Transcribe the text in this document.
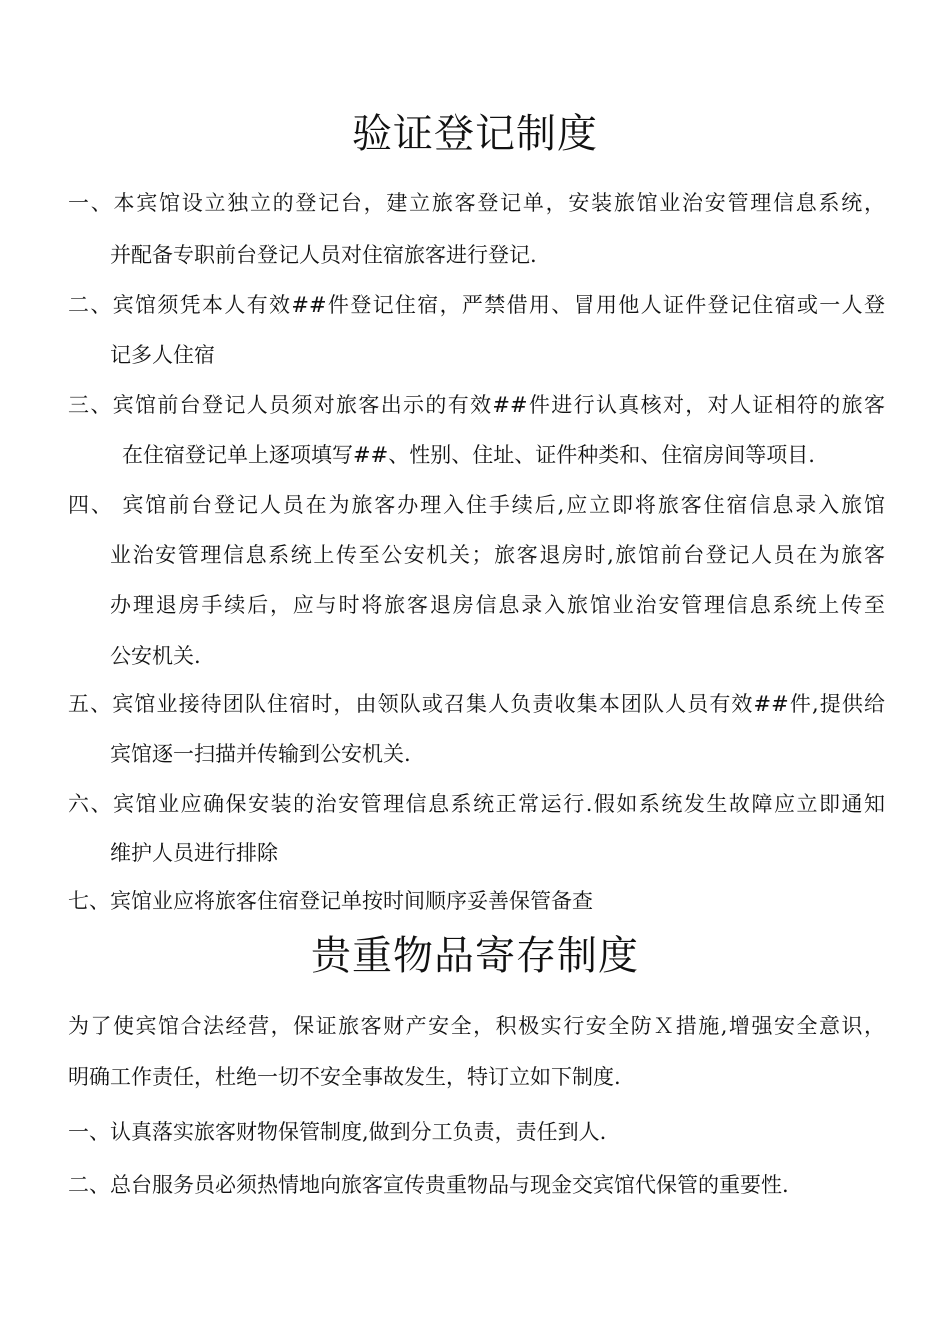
验证登记制度
一、本宾馆设立独立的登记台，建立旅客登记单，安装旅馆业治安管理信息系统，
并配备专职前台登记人员对住宿旅客进行登记.
二、宾馆须凭本人有效##件登记住宿，严禁借用、冒用他人证件登记住宿或一人登
记多人住宿
三、宾馆前台登记人员须对旅客出示的有效##件进行认真核对，对人证相符的旅客
在住宿登记单上逐项填写##、性别、住址、证件种类和、住宿房间等项目.
四、 宾馆前台登记人员在为旅客办理入住手续后,应立即将旅客住宿信息录入旅馆
业治安管理信息系统上传至公安机关；旅客退房时,旅馆前台登记人员在为旅客
办理退房手续后，应与时将旅客退房信息录入旅馆业治安管理信息系统上传至
公安机关.
五、宾馆业接待团队住宿时，由领队或召集人负责收集本团队人员有效##件,提供给
宾馆逐一扫描并传输到公安机关.
六、宾馆业应确保安装的治安管理信息系统正常运行.假如系统发生故障应立即通知
维护人员进行排除
七、宾馆业应将旅客住宿登记单按时间顺序妥善保管备查
贵重物品寄存制度
为了使宾馆合法经营，保证旅客财产安全，积极实行安全防Ｘ措施,增强安全意识，
明确工作责任，杜绝一切不安全事故发生，特订立如下制度.
一、认真落实旅客财物保管制度,做到分工负责，责任到人.
二、总台服务员必须热情地向旅客宣传贵重物品与现金交宾馆代保管的重要性.
